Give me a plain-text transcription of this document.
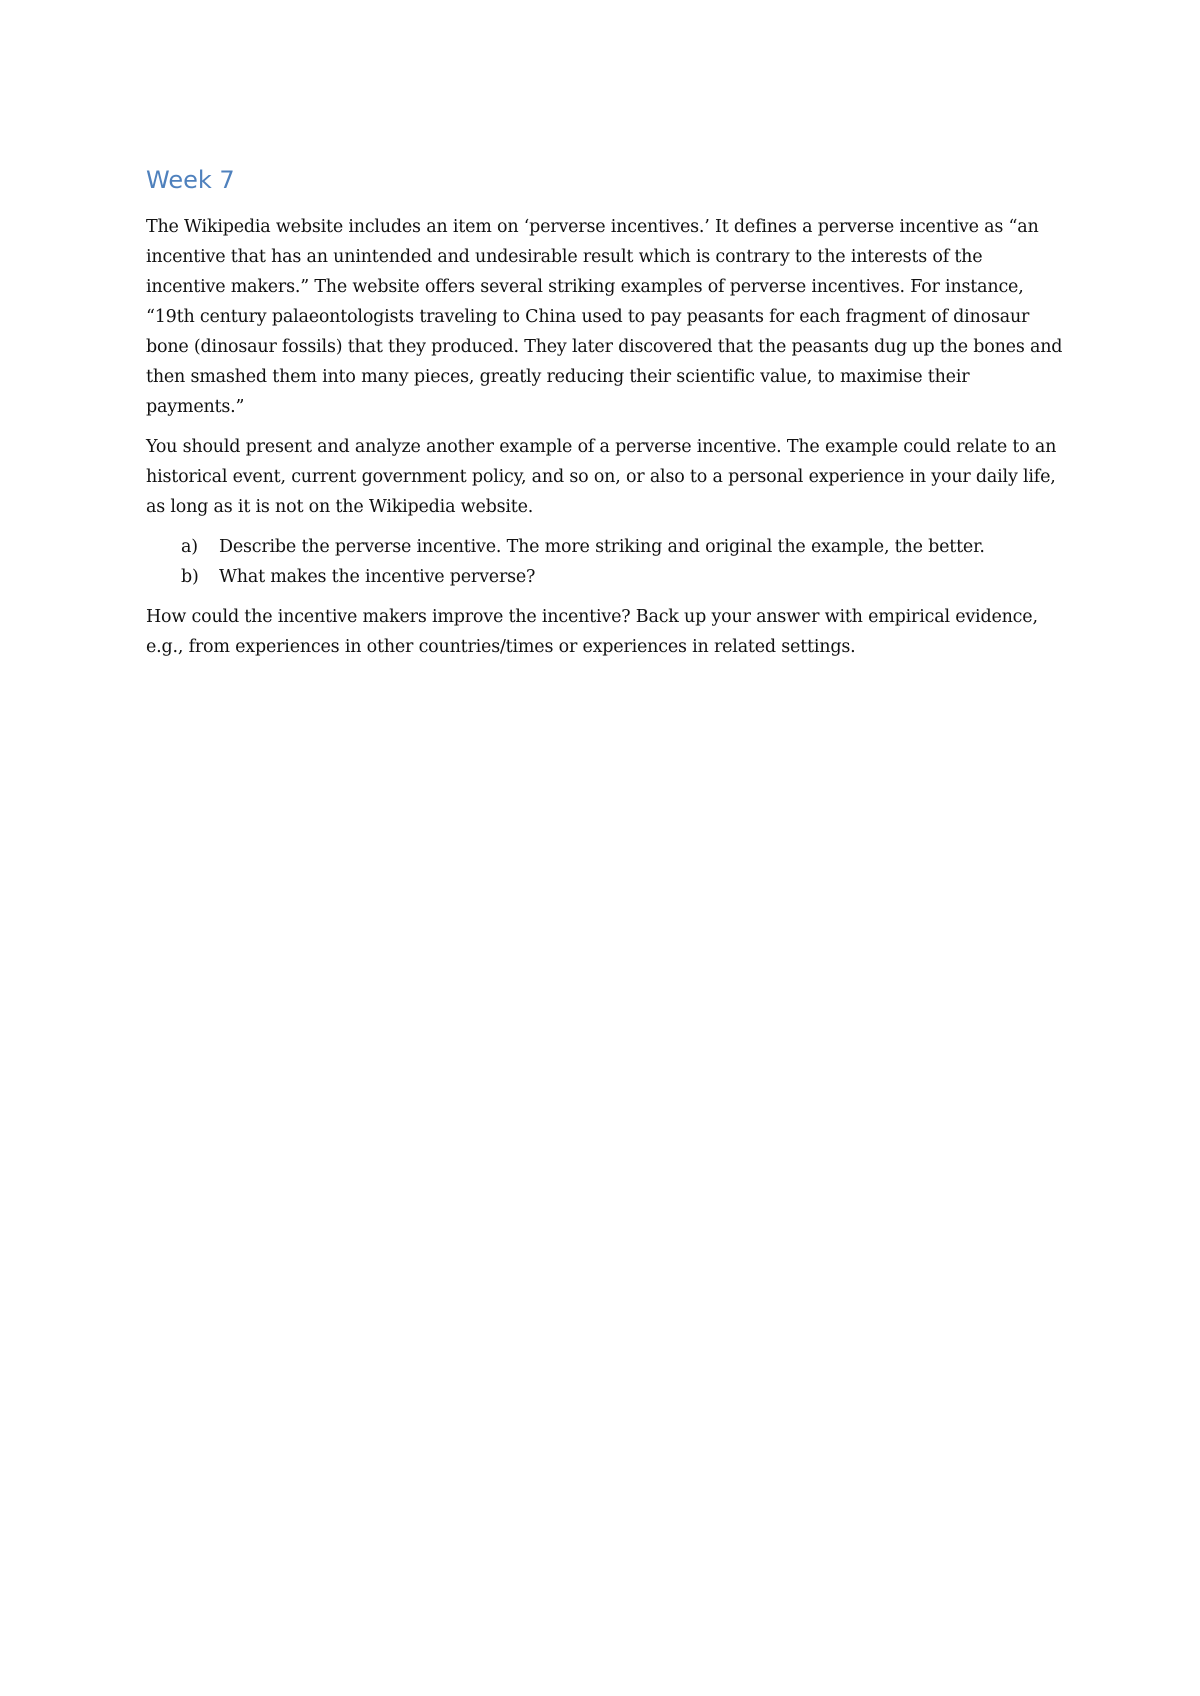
Week 7

The Wikipedia website includes an item on ‘perverse incentives.’ It defines a perverse incentive as “an incentive that has an unintended and undesirable result which is contrary to the interests of the incentive makers.” The website offers several striking examples of perverse incentives. For instance, “19th century palaeontologists traveling to China used to pay peasants for each fragment of dinosaur bone (dinosaur fossils) that they produced. They later discovered that the peasants dug up the bones and then smashed them into many pieces, greatly reducing their scientific value, to maximise their payments.”

You should present and analyze another example of a perverse incentive. The example could relate to an historical event, current government policy, and so on, or also to a personal experience in your daily life, as long as it is not on the Wikipedia website.

a)	Describe the perverse incentive. The more striking and original the example, the better.
b)	What makes the incentive perverse?

How could the incentive makers improve the incentive? Back up your answer with empirical evidence, e.g., from experiences in other countries/times or experiences in related settings.
